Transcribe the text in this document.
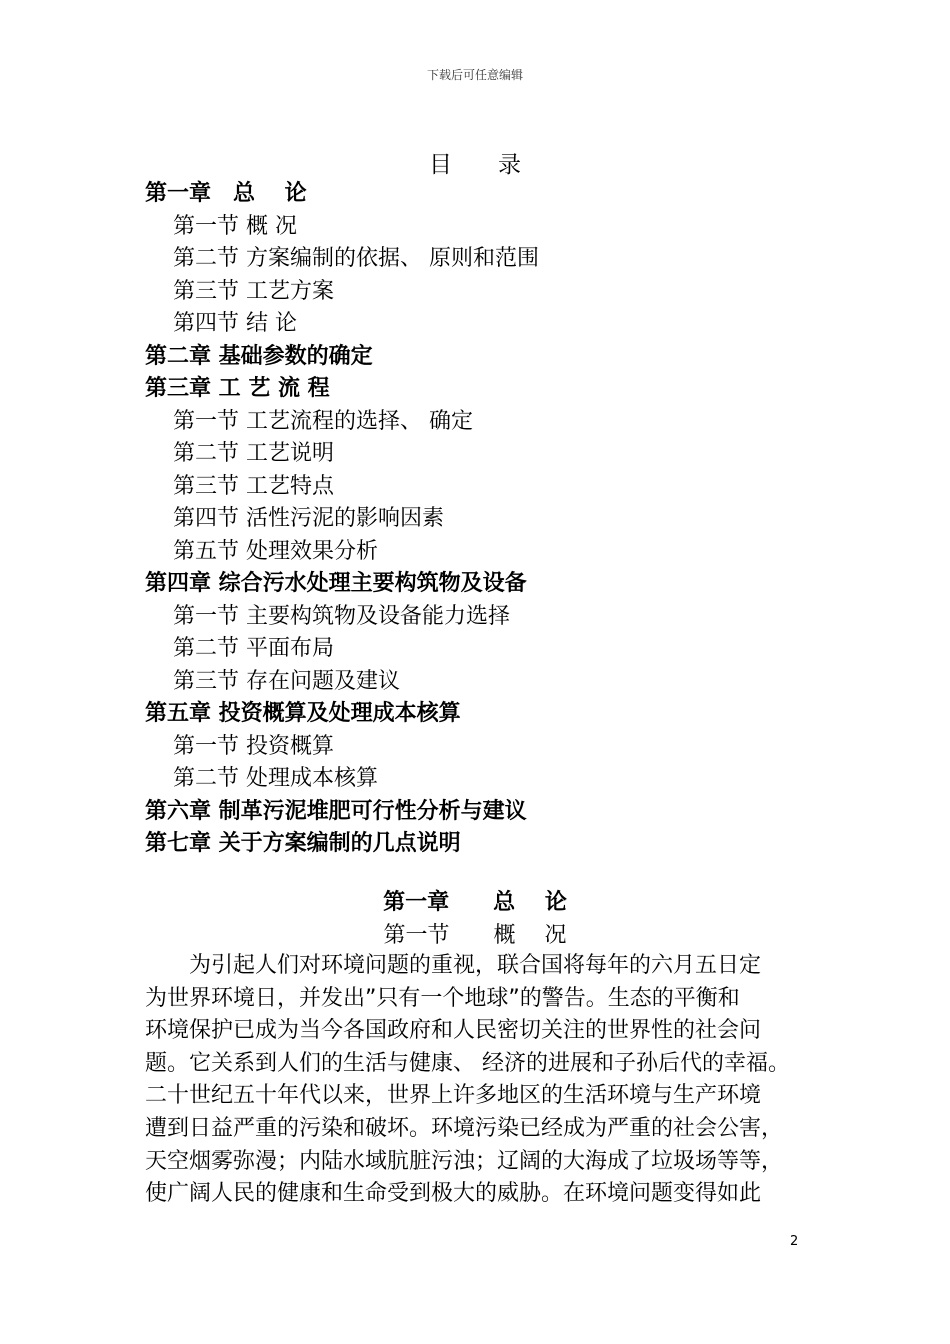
下载后可任意编辑
目 录
第一章　总　 论
第一节 概 况
第二节 方案编制的依据、 原则和范围
第三节 工艺方案
第四节 结 论
第二章 基础参数的确定
第三章 工 艺 流 程
第一节 工艺流程的选择、 确定
第二节 工艺说明
第三节 工艺特点
第四节 活性污泥的影响因素
第五节 处理效果分析
第四章 综合污水处理主要构筑物及设备
第一节 主要构筑物及设备能力选择
第二节 平面布局
第三节 存在问题及建议
第五章 投资概算及处理成本核算
第一节 投资概算
第二节 处理成本核算
第六章 制革污泥堆肥可行性分析与建议
第七章 关于方案编制的几点说明
第一章　　总　 论
第一节　　概　 况
　　为引起人们对环境问题的重视，联合国将每年的六月五日定
为世界环境日，并发出”只有一个地球”的警告。生态的平衡和
环境保护已成为当今各国政府和人民密切关注的世界性的社会问
题。它关系到人们的生活与健康、 经济的进展和子孙后代的幸福。
二十世纪五十年代以来，世界上许多地区的生活环境与生产环境
遭到日益严重的污染和破坏。环境污染已经成为严重的社会公害，
天空烟雾弥漫；内陆水域肮脏污浊；辽阔的大海成了垃圾场等等，
使广阔人民的健康和生命受到极大的威胁。在环境问题变得如此
2
